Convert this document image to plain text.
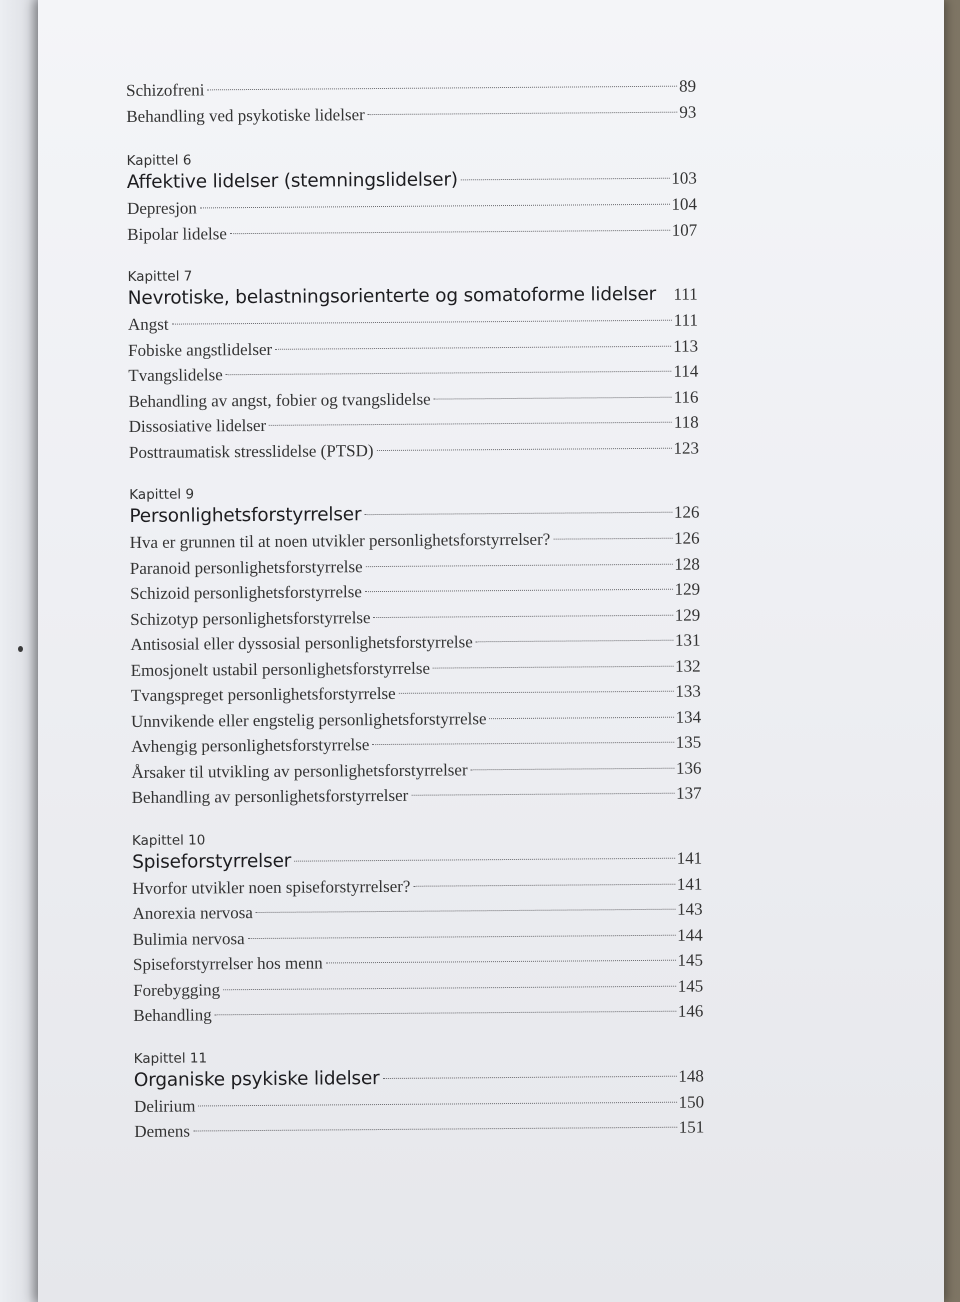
Schizofreni	89
Behandling ved psykotiske lidelser	93
Kapittel 6
Affektive lidelser (stemningslidelser)	103
Depresjon	104
Bipolar lidelse	107
Kapittel 7
Nevrotiske, belastningsorienterte og somatoforme lidelser 111
Angst	111
Fobiske angstlidelser	113
Tvangslidelse	114
Behandling av angst, fobier og tvangslidelse	116
Dissosiative lidelser	118
Posttraumatisk stresslidelse (PTSD)	123
Kapittel 9
Personlighetsforstyrrelser	126
Hva er grunnen til at noen utvikler personlighetsforstyrrelser?	126
Paranoid personlighetsforstyrrelse	128
Schizoid personlighetsforstyrrelse	129
Schizotyp personlighetsforstyrrelse	129
Antisosial eller dyssosial personlighetsforstyrrelse	131
Emosjonelt ustabil personlighetsforstyrrelse	132
Tvangspreget personlighetsforstyrrelse	133
Unnvikende eller engstelig personlighetsforstyrrelse	134
Avhengig personlighetsforstyrrelse	135
Årsaker til utvikling av personlighetsforstyrrelser	136
Behandling av personlighetsforstyrrelser	137
Kapittel 10
Spiseforstyrrelser	141
Hvorfor utvikler noen spiseforstyrrelser?	141
Anorexia nervosa	143
Bulimia nervosa	144
Spiseforstyrrelser hos menn	145
Forebygging	145
Behandling	146
Kapittel 11
Organiske psykiske lidelser	148
Delirium	150
Demens	151
